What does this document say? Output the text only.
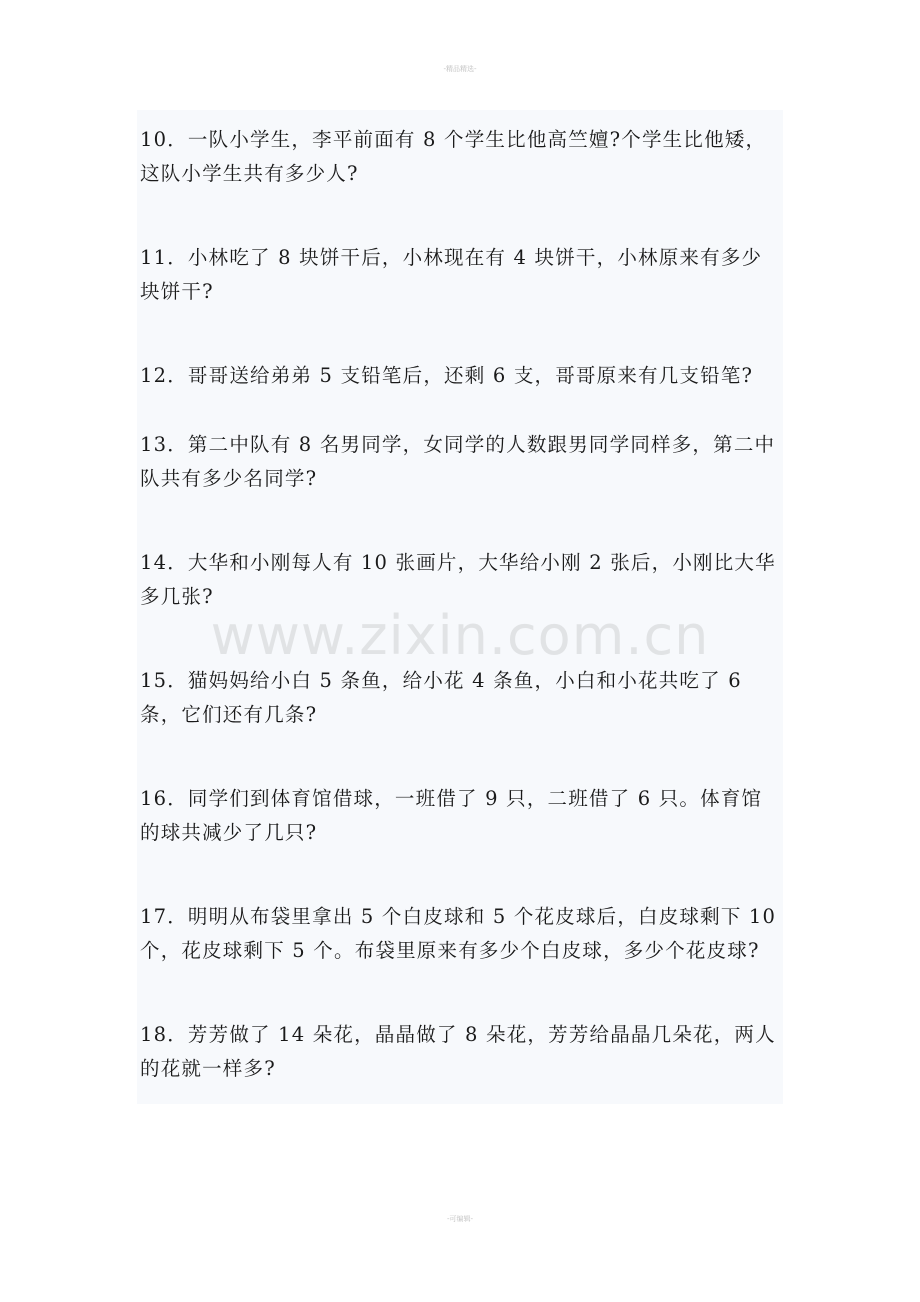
-精品精选-

10．一队小学生，李平前面有 8 个学生比他高竺嬗?个学生比他矮，这队小学生共有多少人?

11．小林吃了 8 块饼干后，小林现在有 4 块饼干，小林原来有多少块饼干?

12．哥哥送给弟弟 5 支铅笔后，还剩 6 支，哥哥原来有几支铅笔?

13．第二中队有 8 名男同学，女同学的人数跟男同学同样多，第二中队共有多少名同学?

14．大华和小刚每人有 10 张画片，大华给小刚 2 张后，小刚比大华多几张?

15．猫妈妈给小白 5 条鱼，给小花 4 条鱼，小白和小花共吃了 6 条，它们还有几条?

16．同学们到体育馆借球，一班借了 9 只，二班借了 6 只。体育馆的球共减少了几只?

17．明明从布袋里拿出 5 个白皮球和 5 个花皮球后，白皮球剩下 10 个，花皮球剩下 5 个。布袋里原来有多少个白皮球，多少个花皮球?

18．芳芳做了 14 朵花，晶晶做了 8 朵花，芳芳给晶晶几朵花，两人的花就一样多?

www.zixin.com.cn
-可编辑-
